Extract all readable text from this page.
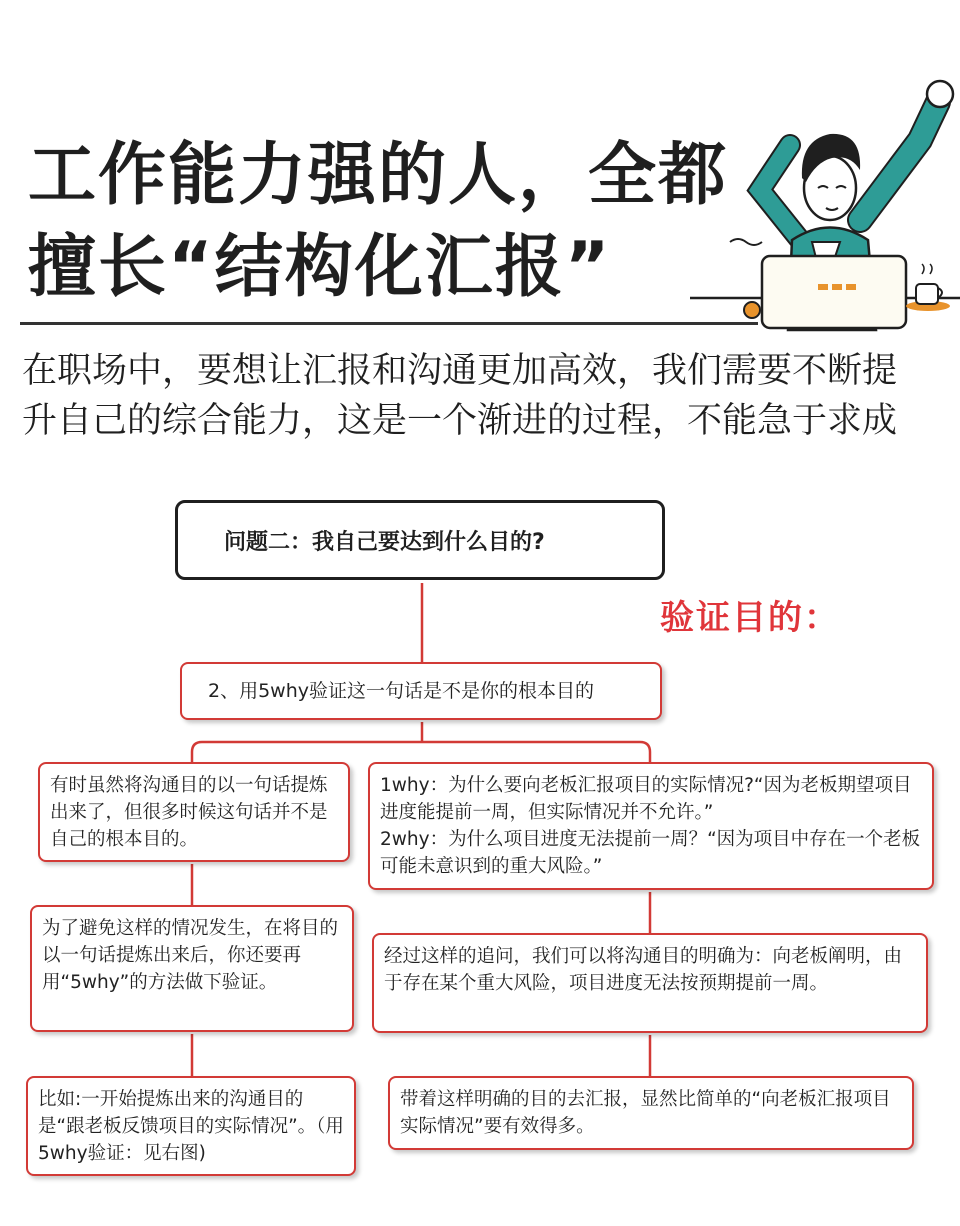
工作能力强的人，全都
擅长“结构化汇报”

在职场中，要想让汇报和沟通更加高效，我们需要不断提
升自己的综合能力，这是一个渐进的过程，不能急于求成

问题二：我自己要达到什么目的?
验证目的：
2、用5why验证这一句话是不是你的根本目的

有时虽然将沟通目的以一句话提炼出来了，但很多时候这句话并不是自己的根本目的。

为了避免这样的情况发生，在将目的以一句话提炼出来后，你还要再用“5why”的方法做下验证。

比如:一开始提炼出来的沟通目的是“跟老板反馈项目的实际情况”。（用5why验证：见右图)

1why：为什么要向老板汇报项目的实际情况?“因为老板期望项目进度能提前一周，但实际情况并不允许。”

2why：为什么项目进度无法提前一周？“因为项目中存在一个老板可能未意识到的重大风险。”

经过这样的追问，我们可以将沟通目的明确为：向老板阐明，由于存在某个重大风险，项目进度无法按预期提前一周。

带着这样明确的目的去汇报，显然比简单的“向老板汇报项目实际情况”要有效得多。
